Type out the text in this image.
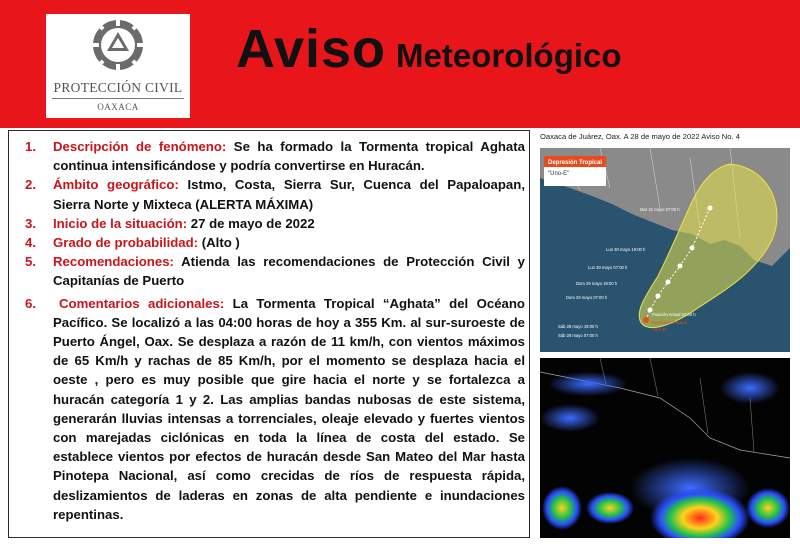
PROTECCIÓN CIVIL
OAXACA
Aviso Meteorológico
1. Descripción de fenómeno: Se ha formado la Tormenta tropical Aghata continua intensificándose y podría convertirse en Huracán.
2. Ámbito geográfico: Istmo, Costa, Sierra Sur, Cuenca del Papaloapan, Sierra Norte y Mixteca (ALERTA MÁXIMA)
3. Inicio de la situación: 27 de mayo de 2022
4. Grado de probabilidad: (Alto )
5. Recomendaciones: Atienda las recomendaciones de Protección Civil y Capitanías de Puerto
6. Comentarios adicionales: La Tormenta Tropical “Aghata” del Océano Pacífico. Se localizó a las 04:00 horas de hoy a 355 Km. al sur-suroeste de Puerto Ángel, Oax. Se desplaza a razón de 11 km/h, con vientos máximos de 65 Km/h y rachas de 85 Km/h, por el momento se desplaza hacia el oeste , pero es muy posible que gire hacia el norte y se fortalezca a huracán categoría 1 y 2. Las amplias bandas nubosas de este sistema, generarán lluvias intensas a torrenciales, oleaje elevado y fuertes vientos con marejadas ciclónicas en toda la línea de costa del estado. Se establece vientos por efectos de huracán desde San Mateo del Mar hasta Pinotepa Nacional, así como crecidas de ríos de respuesta rápida, deslizamientos de laderas en zonas de alta pendiente e inundaciones repentinas.
Oaxaca de Juárez, Oax. A 28 de mayo de 2022 Aviso No. 4
Depresión Tropical
"Uno-E"
Mar 31 mayo 07:00 h
Lun 30 mayo 19:00 h
Lun 30 mayo 07:00 h
Dom 29 mayo 19:00 h
Dom 29 mayo 07:00 h
Sáb 28 mayo 19:00 h
Sáb 28 mayo 07:00 h
Posición Actual 22:00 h
Depresión Tropical
"Uno-E"
